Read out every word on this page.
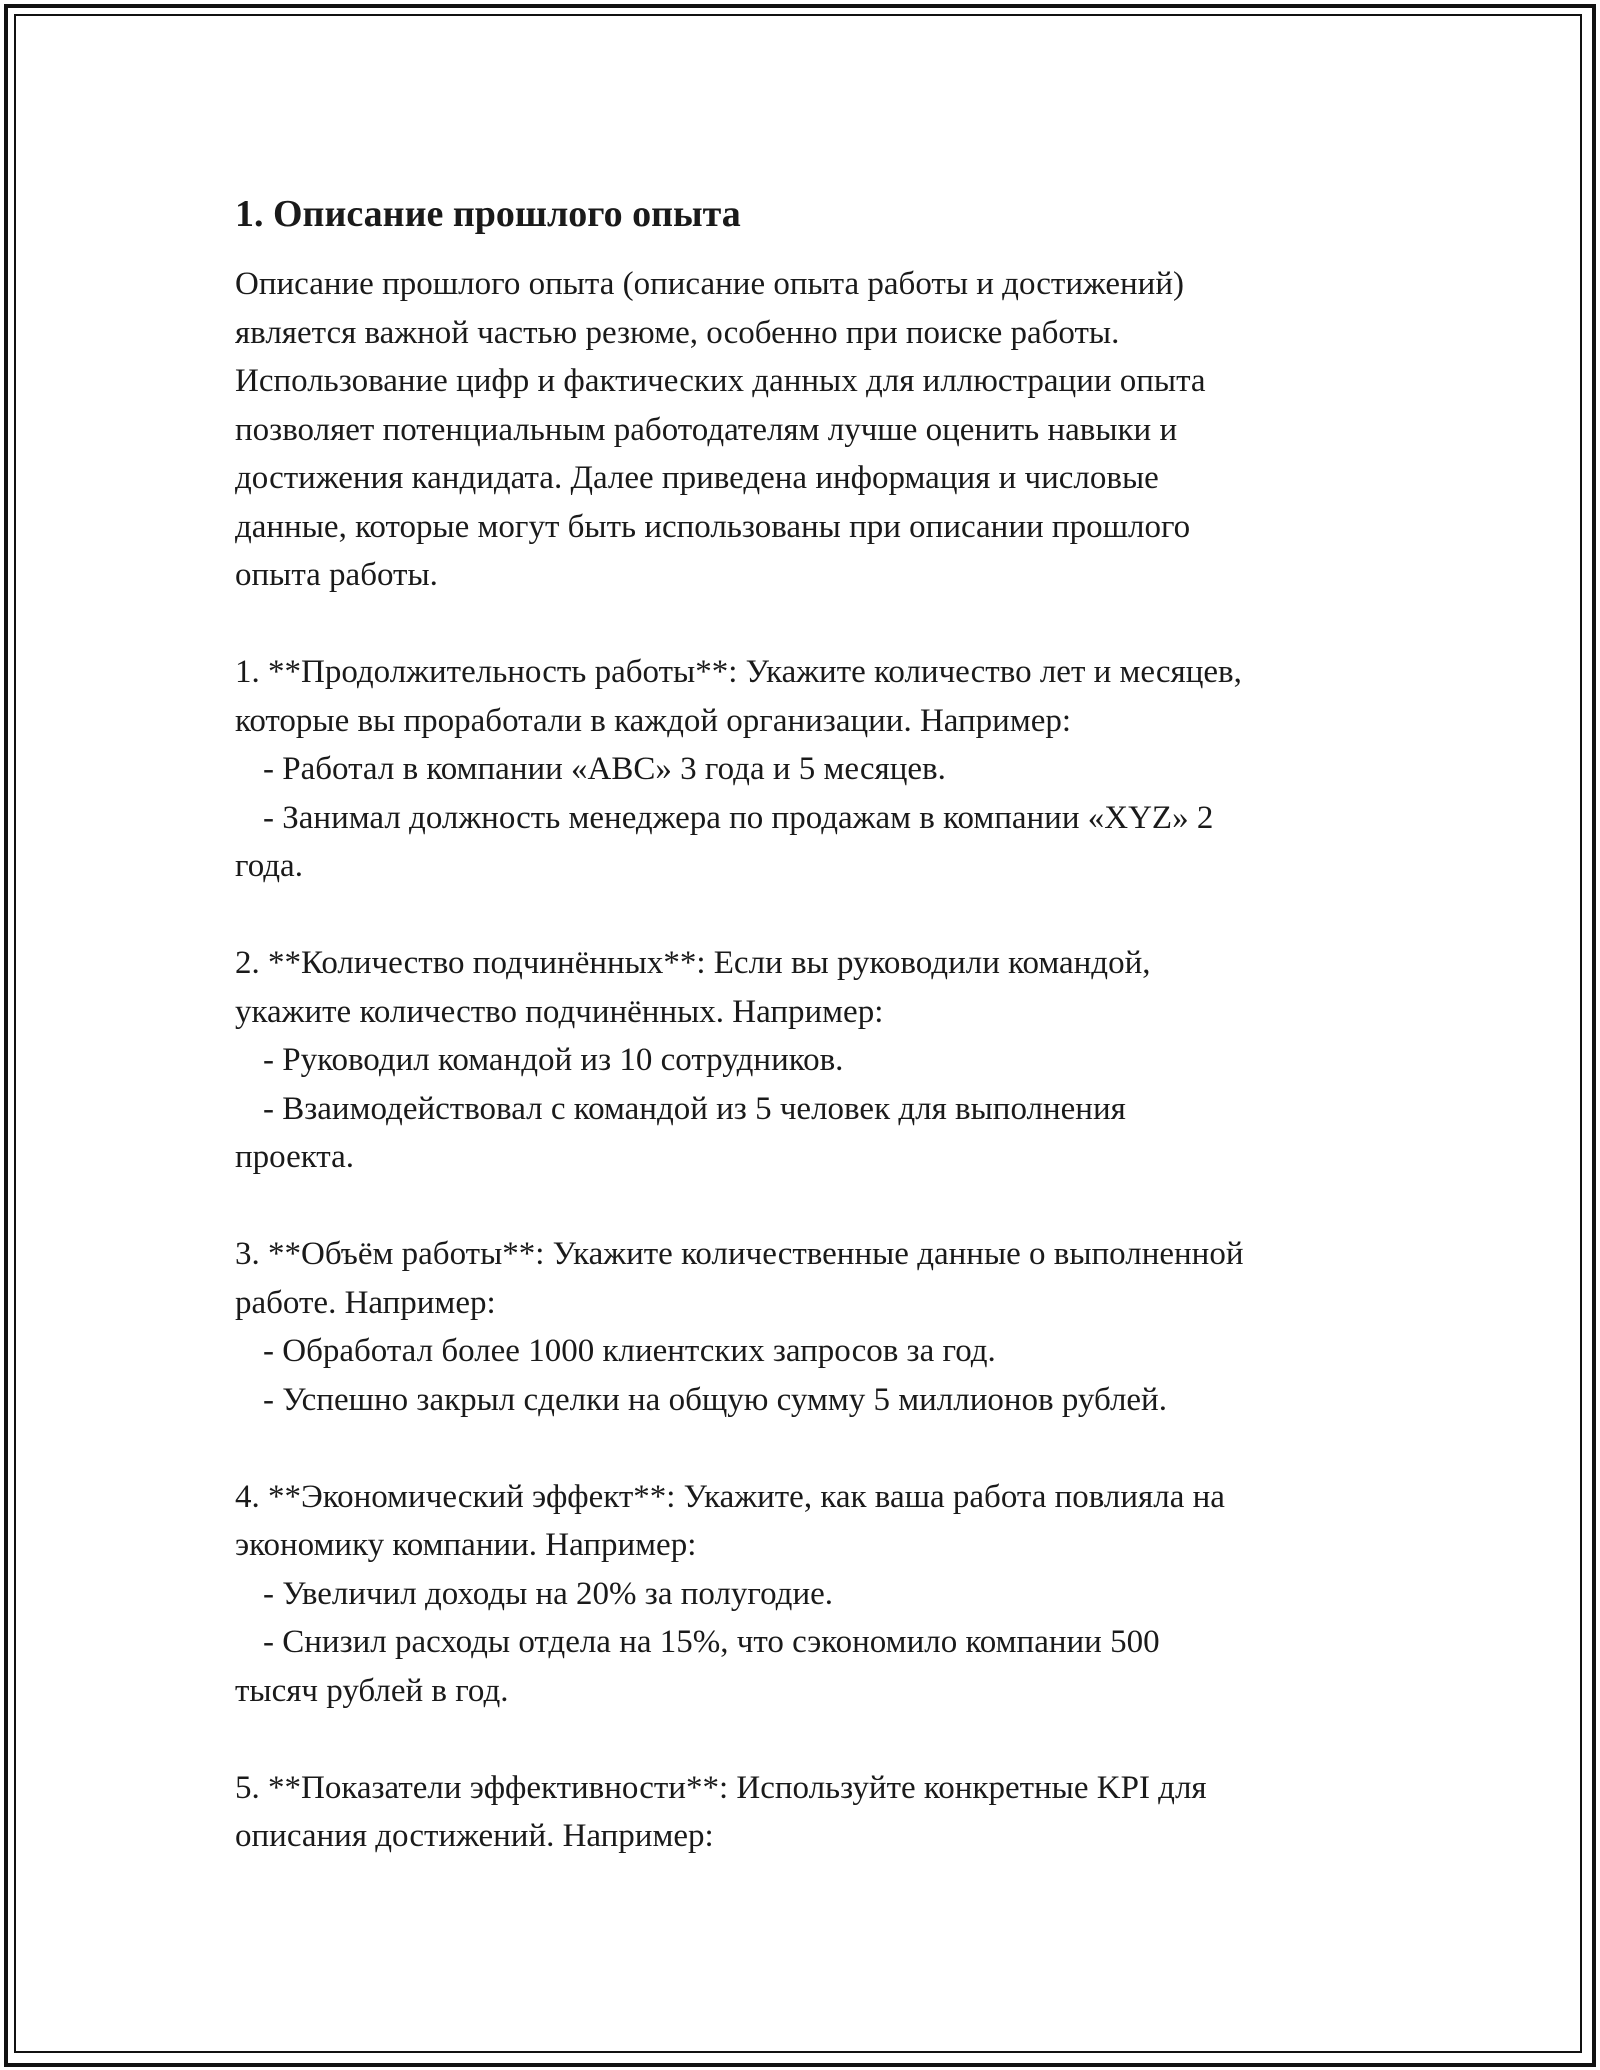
1. Описание прошлого опыта
Описание прошлого опыта (описание опыта работы и достижений)
является важной частью резюме, особенно при поиске работы.
Использование цифр и фактических данных для иллюстрации опыта
позволяет потенциальным работодателям лучше оценить навыки и
достижения кандидата. Далее приведена информация и числовые
данные, которые могут быть использованы при описании прошлого
опыта работы.
1. **Продолжительность работы**: Укажите количество лет и месяцев,
которые вы проработали в каждой организации. Например:
- Работал в компании «ABC» 3 года и 5 месяцев.
- Занимал должность менеджера по продажам в компании «XYZ» 2
года.
2. **Количество подчинённых**: Если вы руководили командой,
укажите количество подчинённых. Например:
- Руководил командой из 10 сотрудников.
- Взаимодействовал с командой из 5 человек для выполнения
проекта.
3. **Объём работы**: Укажите количественные данные о выполненной
работе. Например:
- Обработал более 1000 клиентских запросов за год.
- Успешно закрыл сделки на общую сумму 5 миллионов рублей.
4. **Экономический эффект**: Укажите, как ваша работа повлияла на
экономику компании. Например:
- Увеличил доходы на 20% за полугодие.
- Снизил расходы отдела на 15%, что сэкономило компании 500
тысяч рублей в год.
5. **Показатели эффективности**: Используйте конкретные KPI для
описания достижений. Например:
